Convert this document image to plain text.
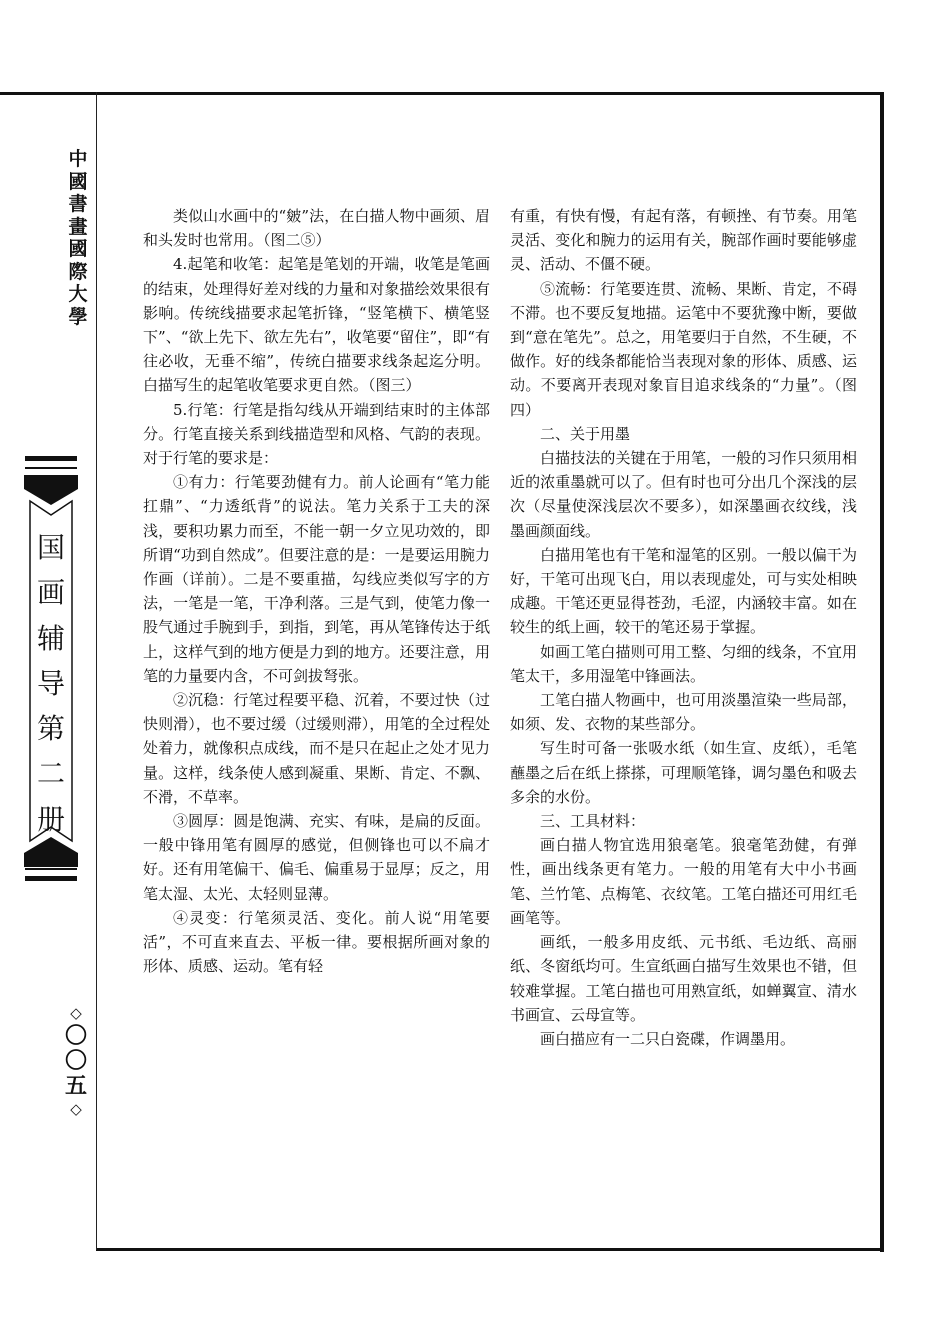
中
國
書
畫
國
際
大
學
国
画
辅
导
第
二
册
◇
〇
〇
五
◇

类似山水画中的“皴”法，在白描人物中画须、眉和头发时也常用。（图二⑤）

4.起笔和收笔：起笔是笔划的开端，收笔是笔画的结束，处理得好差对线的力量和对象描绘效果很有影响。传统线描要求起笔折锋，“竖笔横下、横笔竖下”、“欲上先下、欲左先右”，收笔要“留住”，即“有往必收，无垂不缩”，传统白描要求线条起迄分明。白描写生的起笔收笔要求更自然。（图三）

5.行笔：行笔是指勾线从开端到结束时的主体部分。行笔直接关系到线描造型和风格、气韵的表现。对于行笔的要求是：

①有力：行笔要劲健有力。前人论画有“笔力能扛鼎”、“力透纸背”的说法。笔力关系于工夫的深浅，要积功累力而至，不能一朝一夕立见功效的，即所谓“功到自然成”。但要注意的是：一是要运用腕力作画（详前）。二是不要重描，勾线应类似写字的方法，一笔是一笔，干净利落。三是气到，使笔力像一股气通过手腕到手，到指，到笔，再从笔锋传达于纸上，这样气到的地方便是力到的地方。还要注意，用笔的力量要内含，不可剑拔弩张。

②沉稳：行笔过程要平稳、沉着，不要过快（过快则滑），也不要过缓（过缓则滞），用笔的全过程处处着力，就像积点成线，而不是只在起止之处才见力量。这样，线条使人感到凝重、果断、肯定、不飘、不滑，不草率。

③圆厚：圆是饱满、充实、有味，是扁的反面。一般中锋用笔有圆厚的感觉，但侧锋也可以不扁才好。还有用笔偏干、偏毛、偏重易于显厚；反之，用笔太湿、太光、太轻则显薄。

④灵变：行笔须灵活、变化。前人说“用笔要活”，不可直来直去、平板一律。要根据所画对象的形体、质感、运动。笔有轻

有重，有快有慢，有起有落，有顿挫、有节奏。用笔灵活、变化和腕力的运用有关，腕部作画时要能够虚灵、活动、不僵不硬。

⑤流畅：行笔要连贯、流畅、果断、肯定，不碍不滞。也不要反复地描。运笔中不要犹豫中断，要做到“意在笔先”。总之，用笔要归于自然，不生硬，不做作。好的线条都能恰当表现对象的形体、质感、运动。不要离开表现对象盲目追求线条的“力量”。（图四）

二、关于用墨

白描技法的关键在于用笔，一般的习作只须用相近的浓重墨就可以了。但有时也可分出几个深浅的层次（尽量使深浅层次不要多），如深墨画衣纹线，浅墨画颜面线。

白描用笔也有干笔和湿笔的区别。一般以偏干为好，干笔可出现飞白，用以表现虚处，可与实处相映成趣。干笔还更显得苍劲，毛涩，内涵较丰富。如在较生的纸上画，较干的笔还易于掌握。

如画工笔白描则可用工整、匀细的线条，不宜用笔太干，多用湿笔中锋画法。

工笔白描人物画中，也可用淡墨渲染一些局部，如须、发、衣物的某些部分。

写生时可备一张吸水纸（如生宣、皮纸），毛笔蘸墨之后在纸上搽搽，可理顺笔锋，调匀墨色和吸去多余的水份。

三、工具材料：

画白描人物宜选用狼毫笔。狼毫笔劲健，有弹性，画出线条更有笔力。一般的用笔有大中小书画笔、兰竹笔、点梅笔、衣纹笔。工笔白描还可用红毛画笔等。

画纸，一般多用皮纸、元书纸、毛边纸、高丽纸、冬窗纸均可。生宣纸画白描写生效果也不错，但较难掌握。工笔白描也可用熟宣纸，如蝉翼宣、清水书画宣、云母宣等。

画白描应有一二只白瓷碟，作调墨用。
